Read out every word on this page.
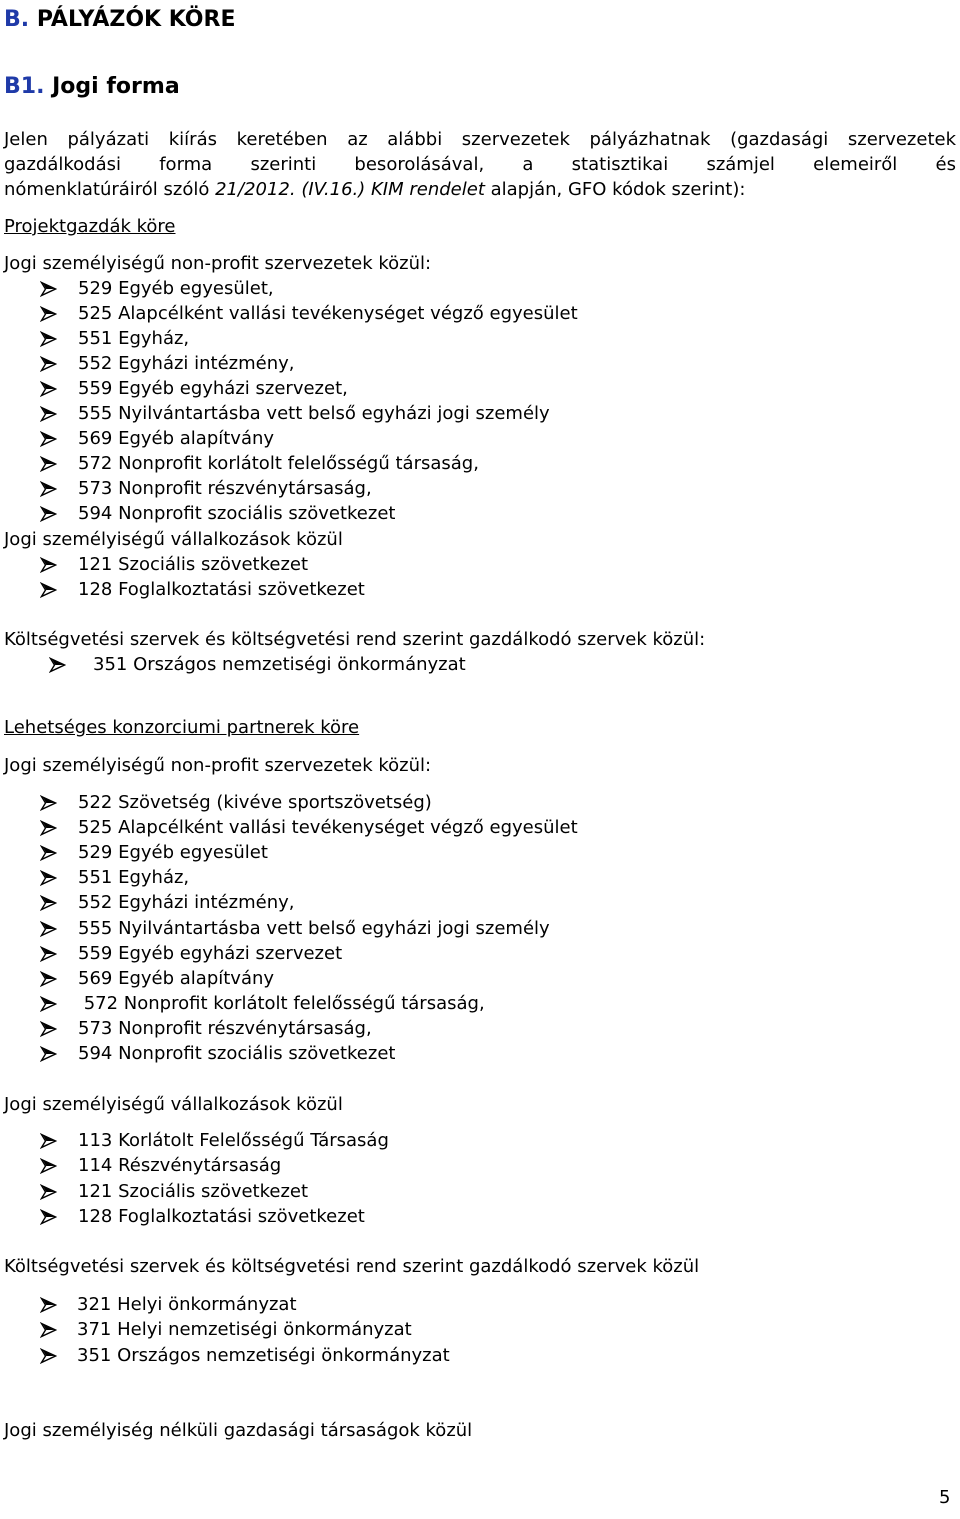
B. PÁLYÁZÓK KÖRE
B1. Jogi forma
Jelen pályázati kiírás keretében az alábbi szervezetek pályázhatnak (gazdasági szervezetek
gazdálkodási forma szerinti besorolásával, a statisztikai számjel elemeiről és
nómenklatúráiról szóló 21/2012. (IV.16.) KIM rendelet alapján, GFO kódok szerint):
Projektgazdák köre
Jogi személyiségű non-profit szervezetek közül:
529 Egyéb egyesület,
525 Alapcélként vallási tevékenységet végző egyesület
551 Egyház,
552 Egyházi intézmény,
559 Egyéb egyházi szervezet,
555 Nyilvántartásba vett belső egyházi jogi személy
569 Egyéb alapítvány
572 Nonprofit korlátolt felelősségű társaság,
573 Nonprofit részvénytársaság,
594 Nonprofit szociális szövetkezet
Jogi személyiségű vállalkozások közül
121 Szociális szövetkezet
128 Foglalkoztatási szövetkezet
Költségvetési szervek és költségvetési rend szerint gazdálkodó szervek közül:
351 Országos nemzetiségi önkormányzat
Lehetséges konzorciumi partnerek köre
Jogi személyiségű non-profit szervezetek közül:
522 Szövetség (kivéve sportszövetség)
525 Alapcélként vallási tevékenységet végző egyesület
529 Egyéb egyesület
551 Egyház,
552 Egyházi intézmény,
555 Nyilvántartásba vett belső egyházi jogi személy
559 Egyéb egyházi szervezet
569 Egyéb alapítvány
572 Nonprofit korlátolt felelősségű társaság,
573 Nonprofit részvénytársaság,
594 Nonprofit szociális szövetkezet
Jogi személyiségű vállalkozások közül
113 Korlátolt Felelősségű Társaság
114 Részvénytársaság
121 Szociális szövetkezet
128 Foglalkoztatási szövetkezet
Költségvetési szervek és költségvetési rend szerint gazdálkodó szervek közül
321 Helyi önkormányzat
371 Helyi nemzetiségi önkormányzat
351 Országos nemzetiségi önkormányzat
Jogi személyiség nélküli gazdasági társaságok közül
5
